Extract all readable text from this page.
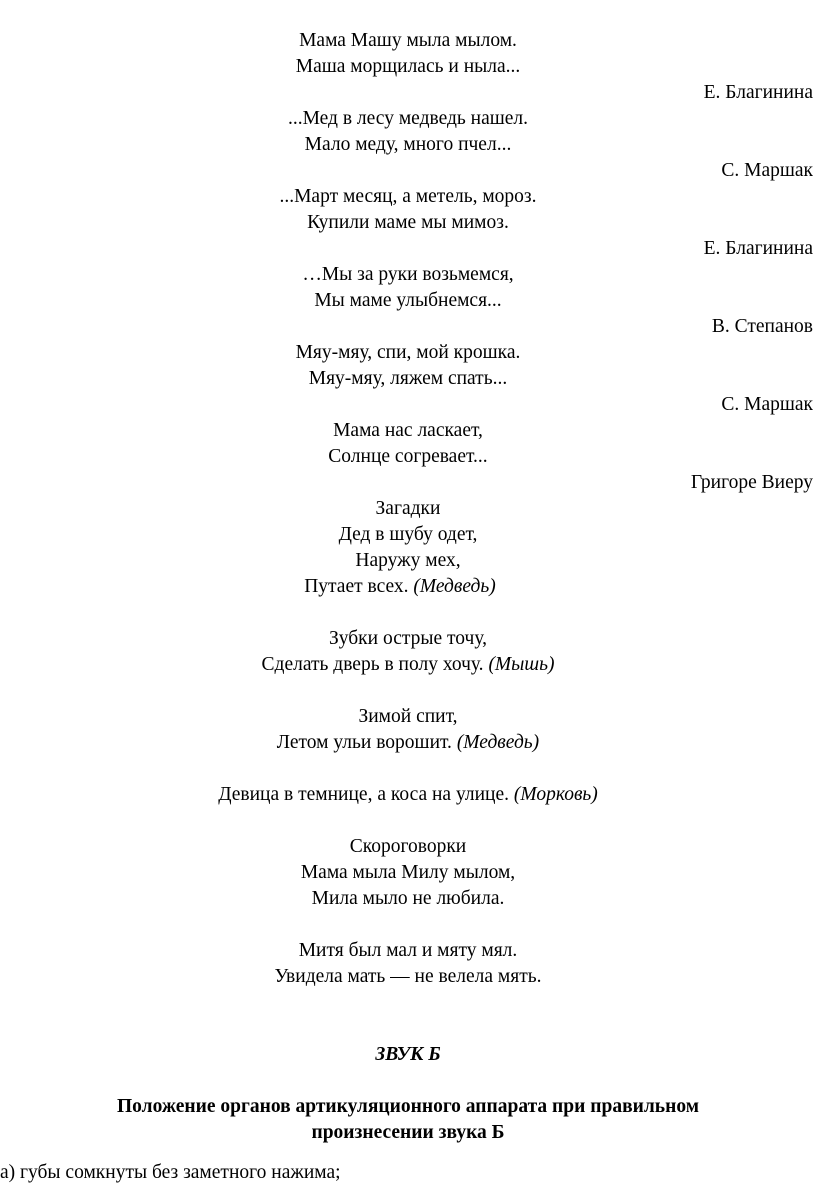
Мама Машу мыла мылом.
Маша морщилась и ныла...
Е. Благинина
...Мед в лесу медведь нашел.
Мало меду, много пчел...
С. Маршак
...Март месяц, а метель, мороз.
Купили маме мы мимоз.
Е. Благинина
…Мы за руки возьмемся,
Мы маме улыбнемся...
В. Степанов
Мяу-мяу, спи, мой крошка.
Мяу-мяу, ляжем спать...
С. Маршак
Мама нас ласкает,
Солнце согревает...
Григоре Виеру
Загадки
Дед в шубу одет,
Наружу мех,
Путает всех. (Медведь)
Зубки острые точу,
Сделать дверь в полу хочу. (Мышь)
Зимой спит,
Летом ульи ворошит. (Медведь)
Девица в темнице, а коса на улице. (Морковь)
Скороговорки
Мама мыла Милу мылом,
Мила мыло не любила.
Митя был мал и мяту мял.
Увидела мать — не велела мять.
ЗВУК Б
Положение органов артикуляционного аппарата при правильном
произнесении звука Б
а) губы сомкнуты без заметного нажима;
